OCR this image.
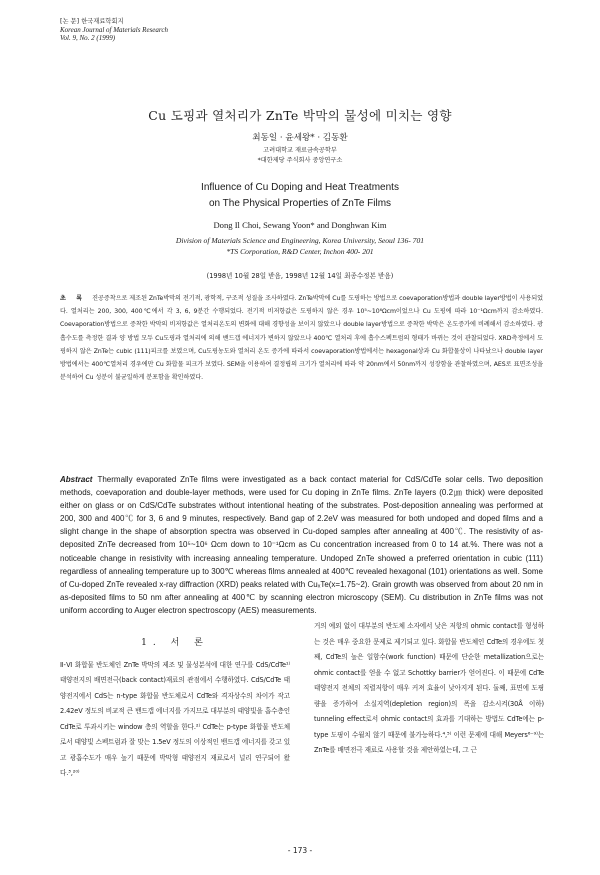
[논 문] 한국재료학회지
Korean Journal of Materials Research
Vol. 9, No. 2 (1999)
Cu 도핑과 열처리가 ZnTe 박막의 물성에 미치는 영향
최동일 · 윤세왕* · 김동환
고려대학교 재료금속공학부
*대한제당 주식회사 중앙연구소
Influence of Cu Doping and Heat Treatments
on The Physical Properties of ZnTe Films
Dong Il Choi, Sewang Yoon* and Donghwan Kim
Division of Materials Science and Engineering, Korea University, Seoul 136- 701
*TS Corporation, R&D Center, Inchon 400- 201
(1998년 10월 28일 받음, 1998년 12월 14일 최종수정본 받음)
초 록 진공증착으로 제조된 ZnTe박막의 전기적, 광학적, 구조적 성질을 조사하였다. ZnTe박막에 Cu를 도핑하는 방법으로 coevaporation방법과 double layer방법이 사용되었다. 열처리는 200, 300, 400℃에서 각 3, 6, 9분간 수행되었다. 전기적 비저항값은 도핑하지 않은 경우 10⁵~10⁶Ωcm이었으나 Cu 도핑에 따라 10⁻¹Ωcm까지 감소하였다. Coevaporation방법으로 증착한 박막의 비저항값은 열처리온도의 변화에 대해 경향성을 보이지 않았으나 double layer방법으로 증착한 박막은 온도증가에 비례해서 감소하였다. 광흡수도를 측정한 결과 양 방법 모두 Cu도핑과 열처리에 의해 밴드갭 에너지가 변하지 않았으나 400℃ 열처리 후에 흡수스펙트럼의 형태가 바뀌는 것이 관찰되었다. XRD측정에서 도핑하지 않은 ZnTe는 cubic (111)피크를 보였으며, Cu도핑농도와 열처리 온도 증가에 따라서 coevaporation방법에서는 hexagonal상과 Cu 화합물상이 나타났으나 double layer방법에서는 400℃열처리 경우에만 Cu 화합물 피크가 보였다. SEM을 이용하여 결정립의 크기가 열처리에 따라 약 20nm에서 50nm까지 성장함을 관찰하였으며, AES로 표면조성을 분석하여 Cu 성분이 불균일하게 분포함을 확인하였다.
Abstract Thermally evaporated ZnTe films were investigated as a back contact material for CdS/CdTe solar cells. Two deposition methods, coevaporation and double-layer methods, were used for Cu doping in ZnTe films. ZnTe layers (0.2㎛ thick) were deposited either on glass or on CdS/CdTe substrates without intentional heating of the substrates. Post-deposition annealing was performed at 200, 300 and 400℃ for 3, 6 and 9 minutes, respectively. Band gap of 2.2eV was measured for both undoped and doped films and a slight change in the shape of absorption spectra was observed in Cu-doped samples after annealing at 400℃. The resistivity of as-deposited ZnTe decreased from 10⁵~10⁶ Ωcm down to 10⁻¹Ωcm as Cu concentration increased from 0 to 14 at.%. There was not a noticeable change in resistivity with increasing annealing temperature. Undoped ZnTe showed a preferred orientation in cubic (111) regardless of annealing temperature up to 300℃ whereas films annealed at 400℃ revealed hexagonal (101) orientations as well. Some of Cu-doped ZnTe revealed x-ray diffraction (XRD) peaks related with CuₓTe(x=1.75~2). Grain growth was observed from about 20 nm in as-deposited films to 50 nm after annealing at 400℃ by scanning electron microscopy (SEM). Cu distribution in ZnTe films was not uniform according to Auger electron spectroscopy (AES) measurements.
1. 서 론
Ⅱ-Ⅵ 화합물 반도체인 ZnTe 박막의 제조 및 물성분석에 대한 연구를 CdS/CdTe¹⁾ 태양전지의 배면전극(back contact)재료의 관점에서 수행하였다. CdS/CdTe 태양전지에서 CdS는 n-type 화합물 반도체로서 CdTe와 격자상수의 차이가 작고 2.42eV 정도의 비교적 큰 밴드갭 에너지를 가지므로 대부분의 태양빛을 흡수층인 CdTe로 투과시키는 window 층의 역할을 한다.²⁾ CdTe는 p-type 화합물 반도체로서 태양빛 스펙트럼과 잘 맞는 1.5eV 정도의 이상적인 밴드갭 에너지를 갖고 있고 광흡수도가 매우 높기 때문에 박막형 태양전지 재료로서 널리 연구되어 왔다.³‚²⁰⁾
거의 예외 없이 대부분의 반도체 소자에서 낮은 저항의 ohmic contact를 형성하는 것은 매우 중요한 문제로 제기되고 있다. 화합물 반도체인 CdTe의 경우에도 첫째, CdTe의 높은 일함수(work function) 때문에 단순한 metallization으로는 ohmic contact를 얻을 수 없고 Schottky barrier가 얻어진다. 이 때문에 CdTe 태양전지 전체의 직렬저항이 매우 커져 효율이 낮아지게 된다. 둘째, 표면에 도핑량을 증가하여 소실지역(depletion region)의 폭을 감소시켜(30Å 이하) tunneling effect로서 ohmic contact의 효과를 기대하는 방법도 CdTe에는 p-type 도핑이 수월치 않기 때문에 불가능하다.⁴‚⁵⁾ 이런 문제에 대해 Meyers⁶⁻⁹⁾는 ZnTe를 배면전극 재료로 사용할 것을 제안하였는데, 그 근
- 173 -
